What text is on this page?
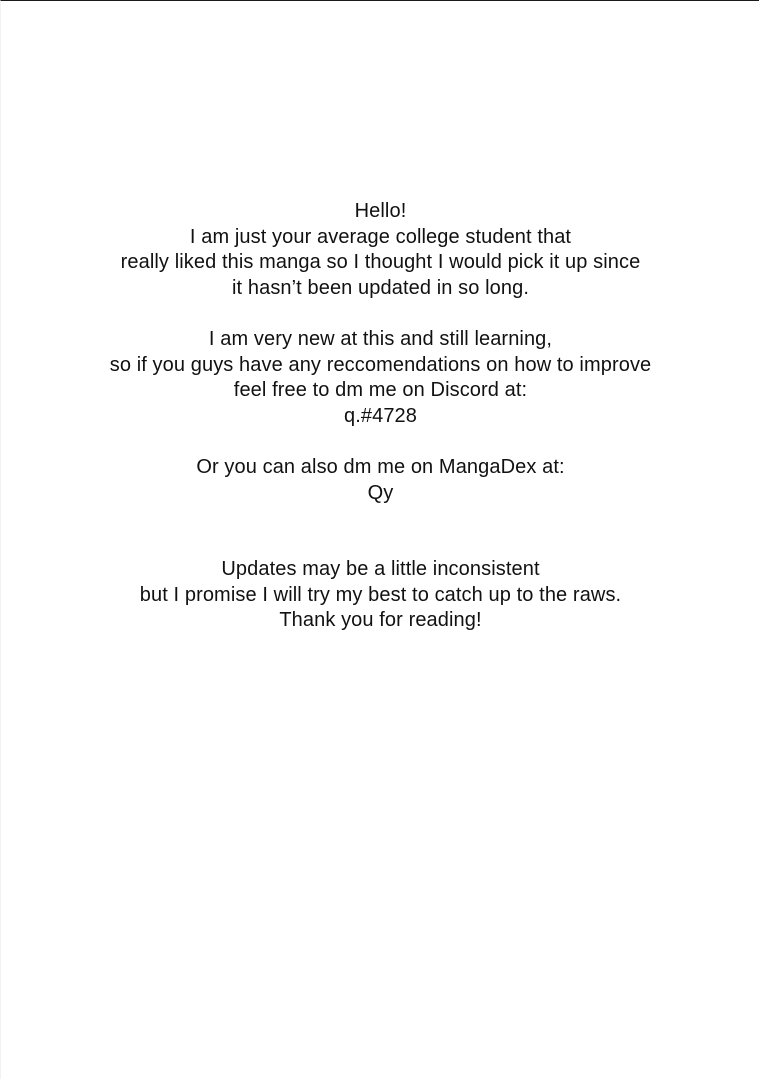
Hello!
I am just your average college student that
really liked this manga so I thought I would pick it up since
it hasn’t been updated in so long.
I am very new at this and still learning,
so if you guys have any reccomendations on how to improve
feel free to dm me on Discord at:
q.#4728
Or you can also dm me on MangaDex at:
Qy
Updates may be a little inconsistent
but I promise I will try my best to catch up to the raws.
Thank you for reading!
